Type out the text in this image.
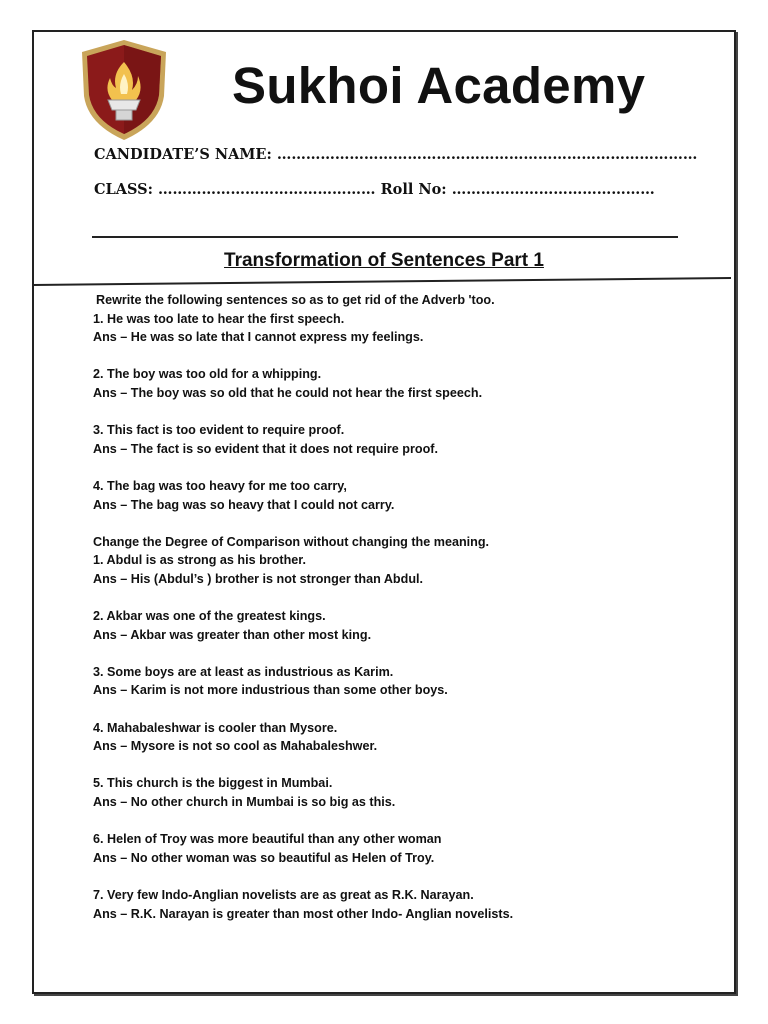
Sukhoi Academy
CANDIDATE’S NAME: ……………………………………………………………………………
CLASS: ……………………………………… Roll No: ……………………………………
Transformation of Sentences Part 1

Rewrite the following sentences so as to get rid of the Adverb 'too.

1. He was too late to hear the first speech.

Ans – He was so late that I cannot express my feelings.

2. The boy was too old for a whipping.

Ans – The boy was so old that he could not hear the first speech.

3. This fact is too evident to require proof.

Ans – The fact is so evident that it does not require proof.

4. The bag was too heavy for me too carry,

Ans – The bag was so heavy that I could not carry.

Change the Degree of Comparison without changing the meaning.

1. Abdul is as strong as his brother.

Ans – His (Abdul’s ) brother is not stronger than Abdul.

2. Akbar was one of the greatest kings.

Ans – Akbar was greater than other most king.

3. Some boys are at least as industrious as Karim.

Ans – Karim is not more industrious than some other boys.

4. Mahabaleshwar is cooler than Mysore.

Ans – Mysore is not so cool as Mahabaleshwer.

5. This church is the biggest in Mumbai.

Ans – No other church in Mumbai is so big as this.

6. Helen of Troy was more beautiful than any other woman

Ans – No other woman was so beautiful as Helen of Troy.

7. Very few Indo-Anglian novelists are as great as R.K. Narayan.

Ans – R.K. Narayan is greater than most other Indo- Anglian novelists.
